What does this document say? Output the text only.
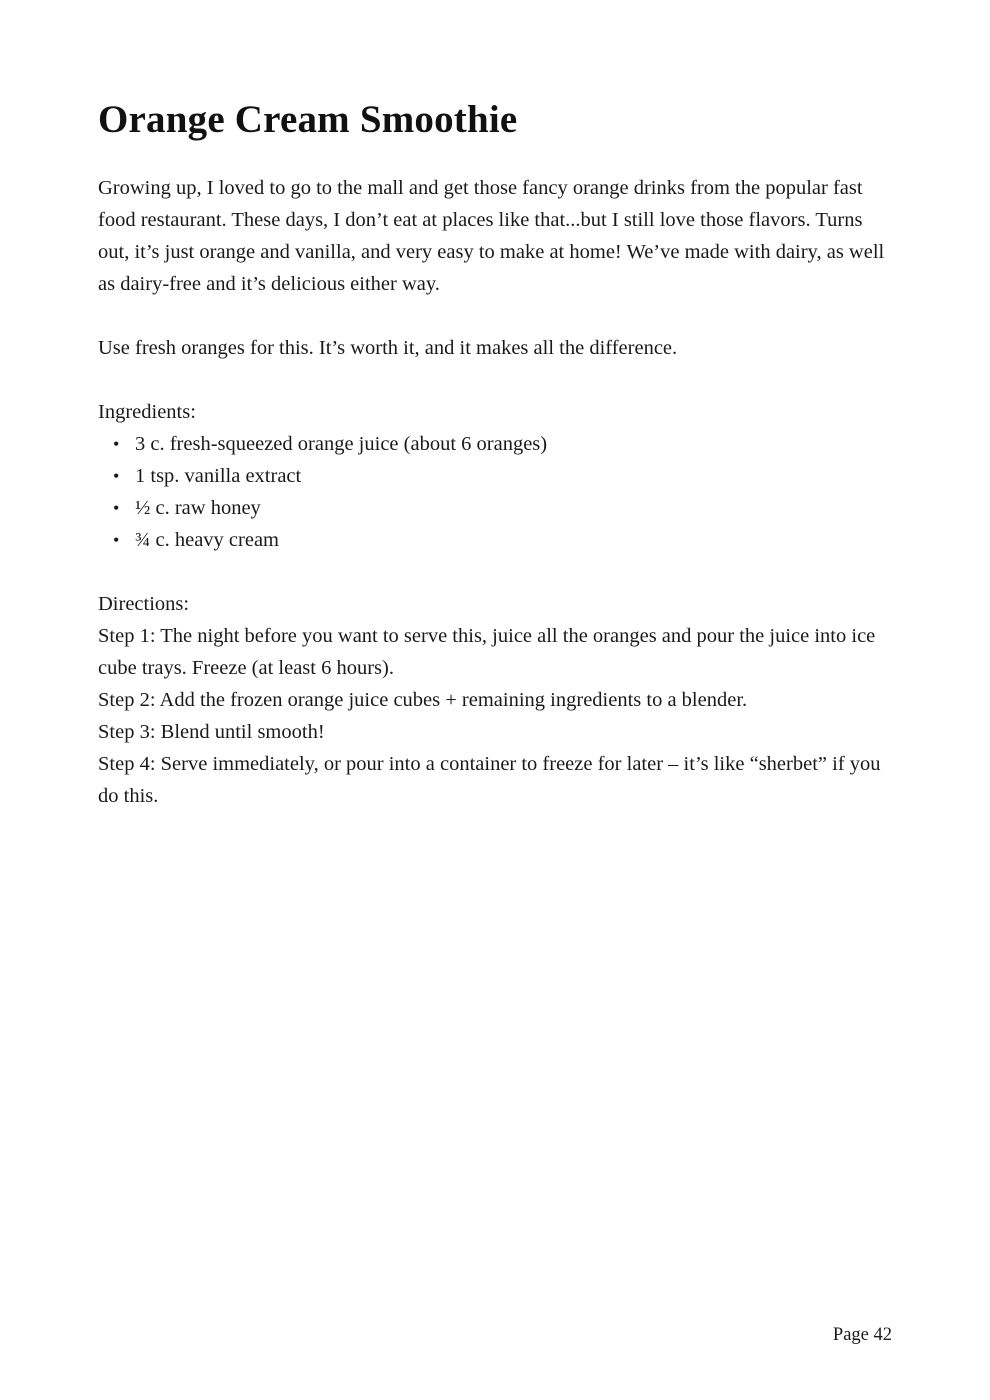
Orange Cream Smoothie

Growing up, I loved to go to the mall and get those fancy orange drinks from the popular fast food restaurant. These days, I don’t eat at places like that...but I still love those flavors. Turns out, it’s just orange and vanilla, and very easy to make at home! We’ve made with dairy, as well as dairy-free and it’s delicious either way.

Use fresh oranges for this. It’s worth it, and it makes all the difference.

Ingredients:

• 3 c. fresh-squeezed orange juice (about 6 oranges)
• 1 tsp. vanilla extract
• ½ c. raw honey
• ¾ c. heavy cream

Directions:

Step 1: The night before you want to serve this, juice all the oranges and pour the juice into ice cube trays. Freeze (at least 6 hours).

Step 2: Add the frozen orange juice cubes + remaining ingredients to a blender.

Step 3: Blend until smooth!

Step 4: Serve immediately, or pour into a container to freeze for later – it’s like “sherbet” if you do this.

Page 42
